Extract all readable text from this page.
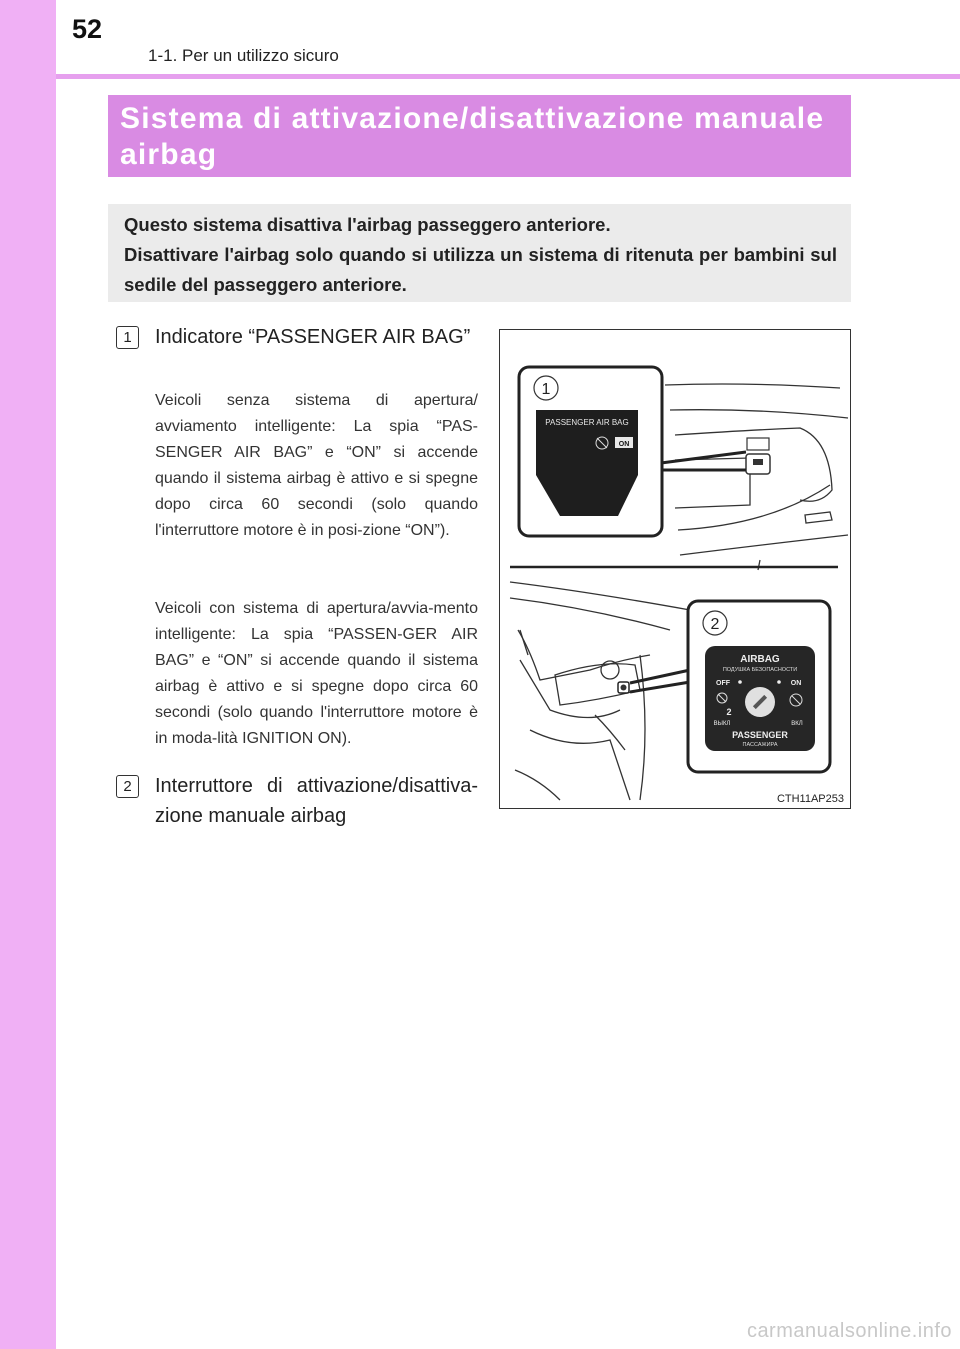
52
1-1. Per un utilizzo sicuro
Sistema di attivazione/disattivazione manuale
airbag
Questo sistema disattiva l'airbag passeggero anteriore.
Disattivare l'airbag solo quando si utilizza un sistema di ritenuta per bambini sul sedile del passeggero anteriore.
1	Indicatore “PASSENGER AIR BAG”
Veicoli senza sistema di apertura/ avviamento intelligente: La spia “PAS-SENGER AIR BAG” e “ON” si accende quando il sistema airbag è attivo e si spegne dopo circa 60 secondi (solo quando l'interruttore motore è in posi-zione “ON”).
Veicoli con sistema di apertura/avvia-mento intelligente: La spia “PASSEN-GER AIR BAG” e “ON” si accende quando il sistema airbag è attivo e si spegne dopo circa 60 secondi (solo quando l'interruttore motore è in moda-lità IGNITION ON).
2	Interruttore di attivazione/disattiva-zione manuale airbag
1
PASSENGER AIR BAG
ON
2
AIRBAG
ПОДУШКА БЕЗОПАСНОСТИ
OFF	ON
2
ВЫКЛ	ВКЛ
PASSENGER
ПАССАЖИРА
CTH11AP253
carmanualsonline.info
